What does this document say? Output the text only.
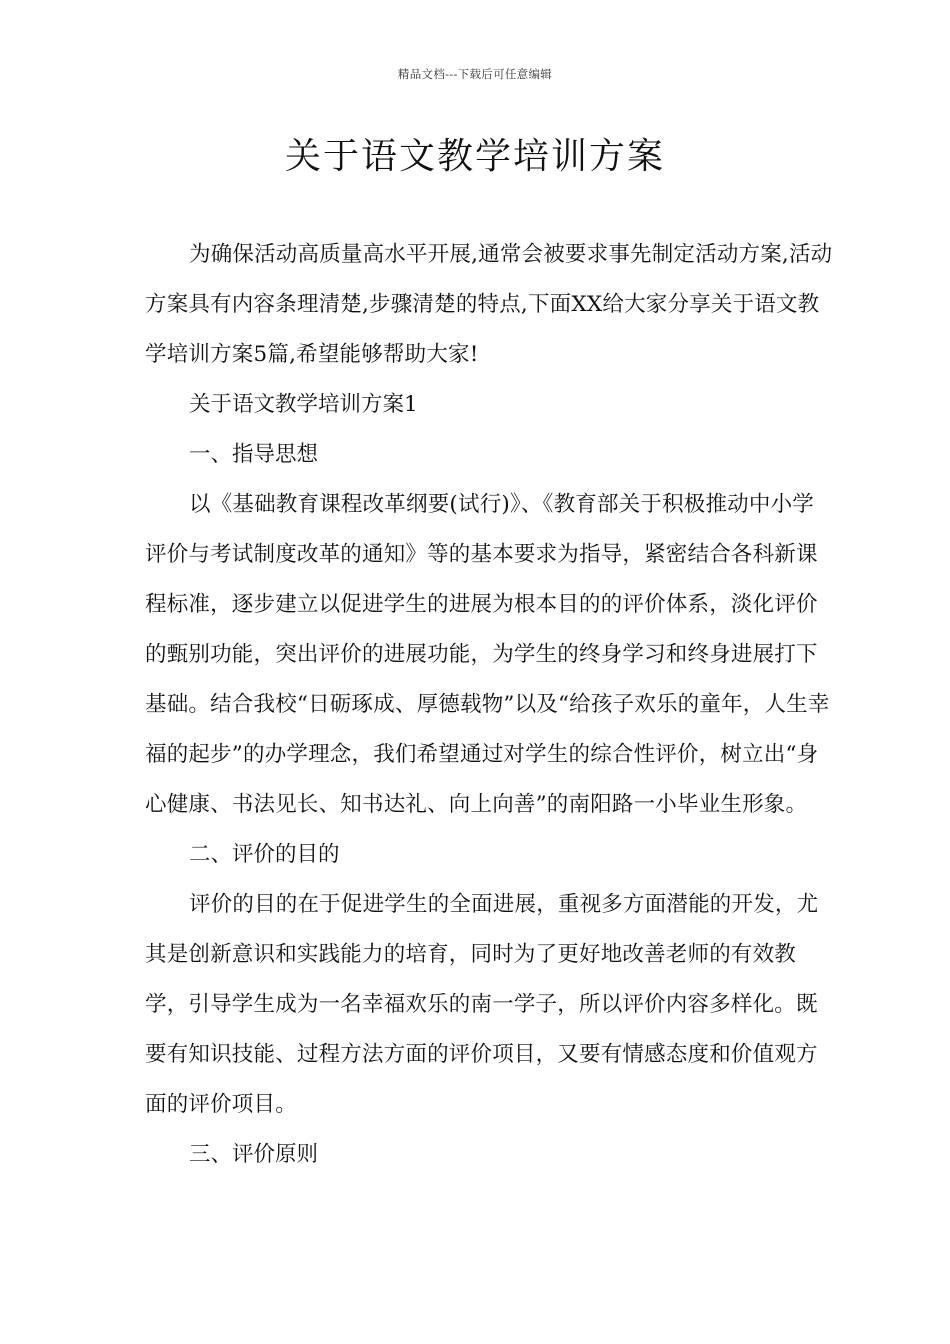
精品文档---下载后可任意编辑
关于语文教学培训方案

为确保活动高质量高水平开展,通常会被要求事先制定活动方案,活动方案具有内容条理清楚,步骤清楚的特点,下面XX给大家分享关于语文教学培训方案5篇,希望能够帮助大家!

关于语文教学培训方案1

一、指导思想

以《基础教育课程改革纲要(试行)》、《教育部关于积极推动中小学评价与考试制度改革的通知》等的基本要求为指导，紧密结合各科新课程标准，逐步建立以促进学生的进展为根本目的的评价体系，淡化评价的甄别功能，突出评价的进展功能，为学生的终身学习和终身进展打下基础。结合我校“日砺琢成、厚德载物”以及“给孩子欢乐的童年，人生幸福的起步”的办学理念，我们希望通过对学生的综合性评价，树立出“身心健康、书法见长、知书达礼、向上向善”的南阳路一小毕业生形象。

二、评价的目的

评价的目的在于促进学生的全面进展，重视多方面潜能的开发，尤其是创新意识和实践能力的培育，同时为了更好地改善老师的有效教学，引导学生成为一名幸福欢乐的南一学子，所以评价内容多样化。既要有知识技能、过程方法方面的评价项目，又要有情感态度和价值观方面的评价项目。

三、评价原则
